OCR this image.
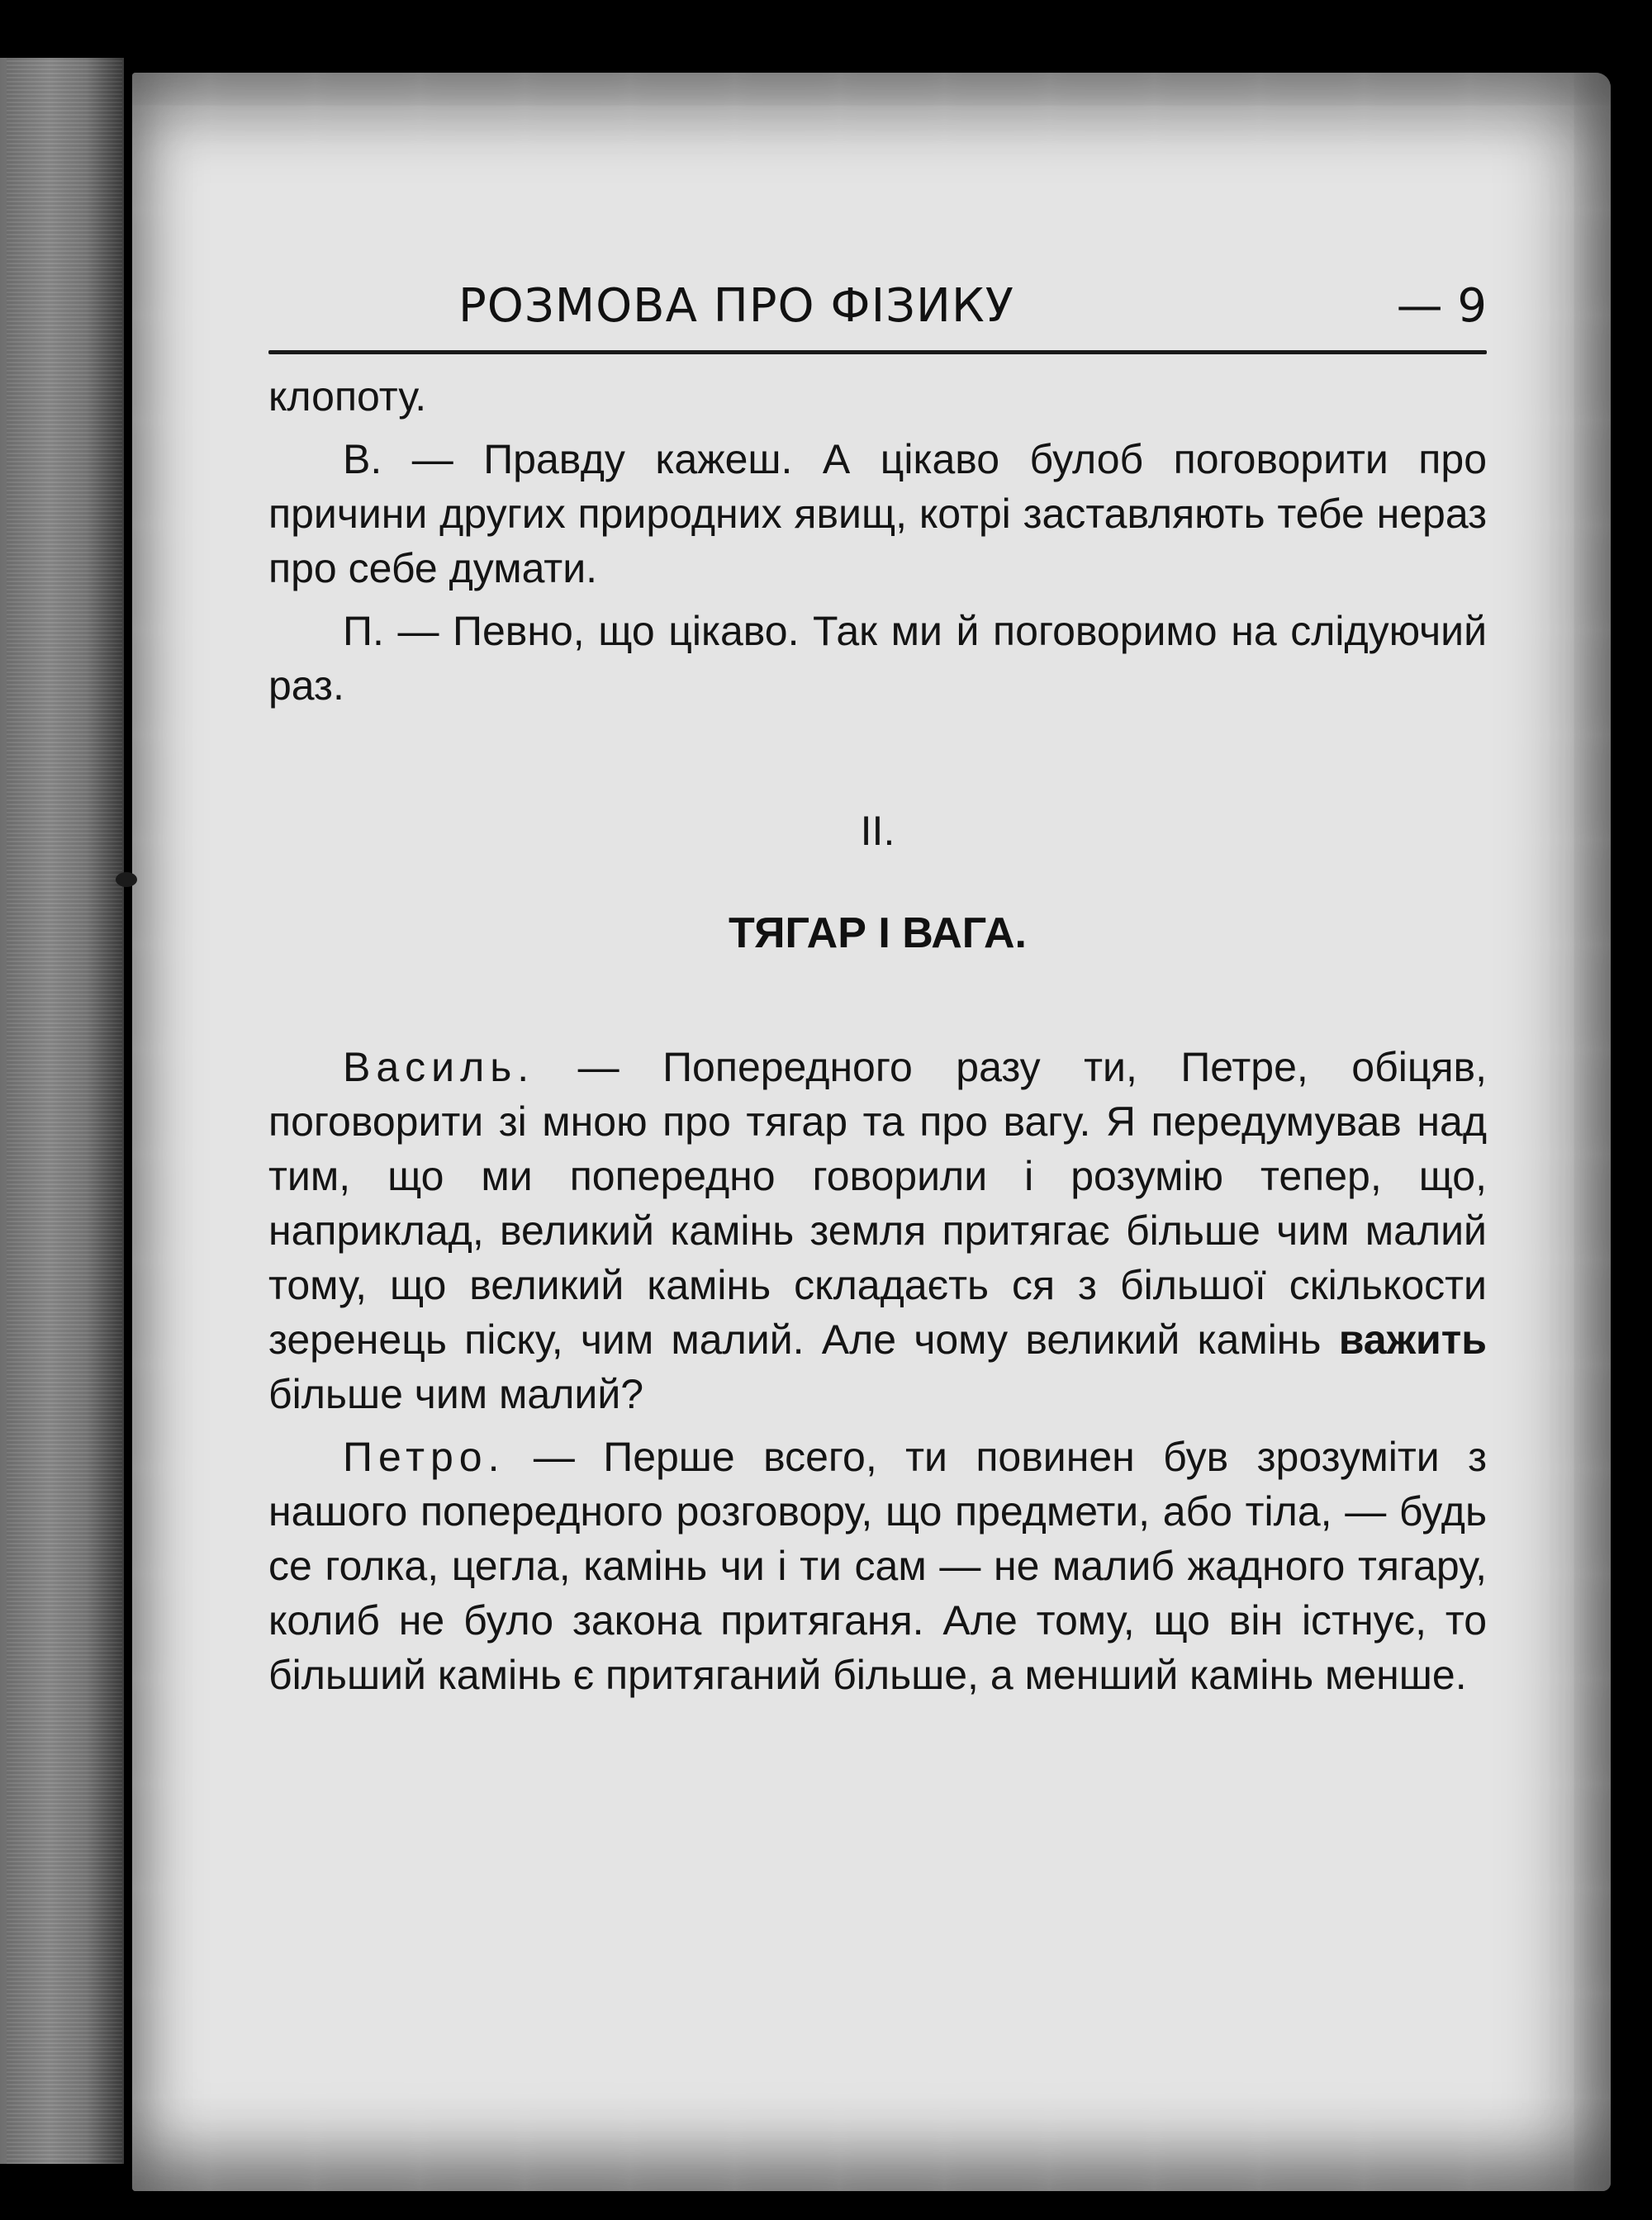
РОЗМОВА ПРО ФІЗИКУ	— 9

клопоту.

В. — Правду кажеш. А цікаво булоб поговорити про причини других природних явищ, котрі заставляють тебе нераз про себе думати.

П. — Певно, що цікаво. Так ми й поговоримо на слідуючий раз.

II.
ТЯГАР І ВАГА.

Василь. — Попередного разу ти, Петре, обіцяв, поговорити зі мною про тягар та про вагу. Я передумував над тим, що ми попередно говорили і розумію тепер, що, наприклад, великий камінь земля притягає більше чим малий тому, що великий камінь складаєть ся з більшої скількости зеренець піску, чим малий. Але чому великий камінь важить більше чим малий?

Петро. — Перше всего, ти повинен був зрозуміти з нашого попередного розговору, що предмети, або тіла, — будь се голка, цегла, камінь чи і ти сам — не малиб жадного тягару, колиб не було закона притяганя. Але тому, що він істнує, то більший камінь є притяганий більше, а менший камінь менше.
